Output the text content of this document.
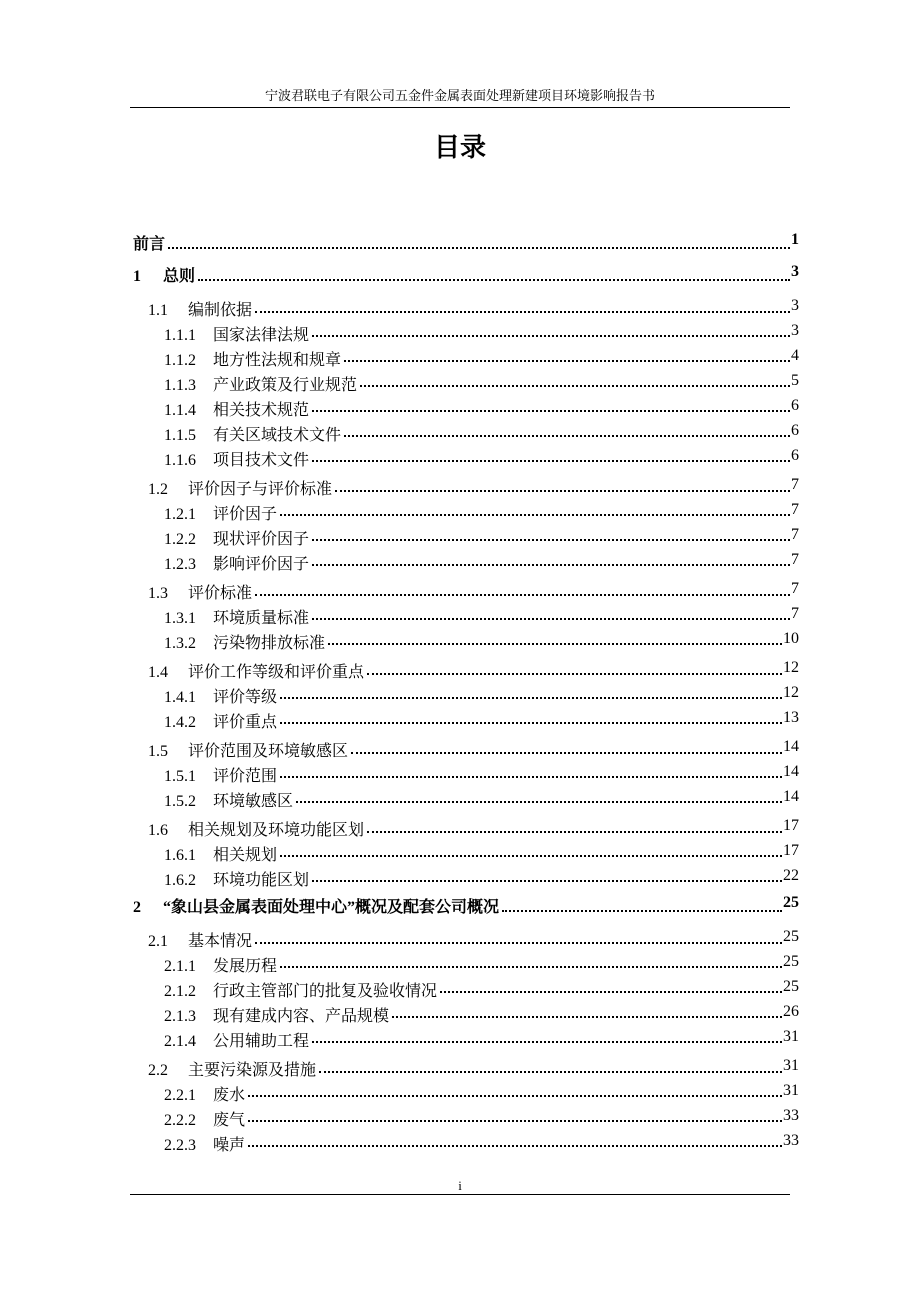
宁波君联电子有限公司五金件金属表面处理新建项目环境影响报告书
目录
前言	1
1 总则	3
1.1 编制依据	3
1.1.1 国家法律法规	3
1.1.2 地方性法规和规章	4
1.1.3 产业政策及行业规范	5
1.1.4 相关技术规范	6
1.1.5 有关区域技术文件	6
1.1.6 项目技术文件	6
1.2 评价因子与评价标准	7
1.2.1 评价因子	7
1.2.2 现状评价因子	7
1.2.3 影响评价因子	7
1.3 评价标准	7
1.3.1 环境质量标准	7
1.3.2 污染物排放标准	10
1.4 评价工作等级和评价重点	12
1.4.1 评价等级	12
1.4.2 评价重点	13
1.5 评价范围及环境敏感区	14
1.5.1 评价范围	14
1.5.2 环境敏感区	14
1.6 相关规划及环境功能区划	17
1.6.1 相关规划	17
1.6.2 环境功能区划	22
2 “象山县金属表面处理中心”概况及配套公司概况	25
2.1 基本情况	25
2.1.1 发展历程	25
2.1.2 行政主管部门的批复及验收情况	25
2.1.3 现有建成内容、产品规模	26
2.1.4 公用辅助工程	31
2.2 主要污染源及措施	31
2.2.1 废水	31
2.2.2 废气	33
2.2.3 噪声	33
i
